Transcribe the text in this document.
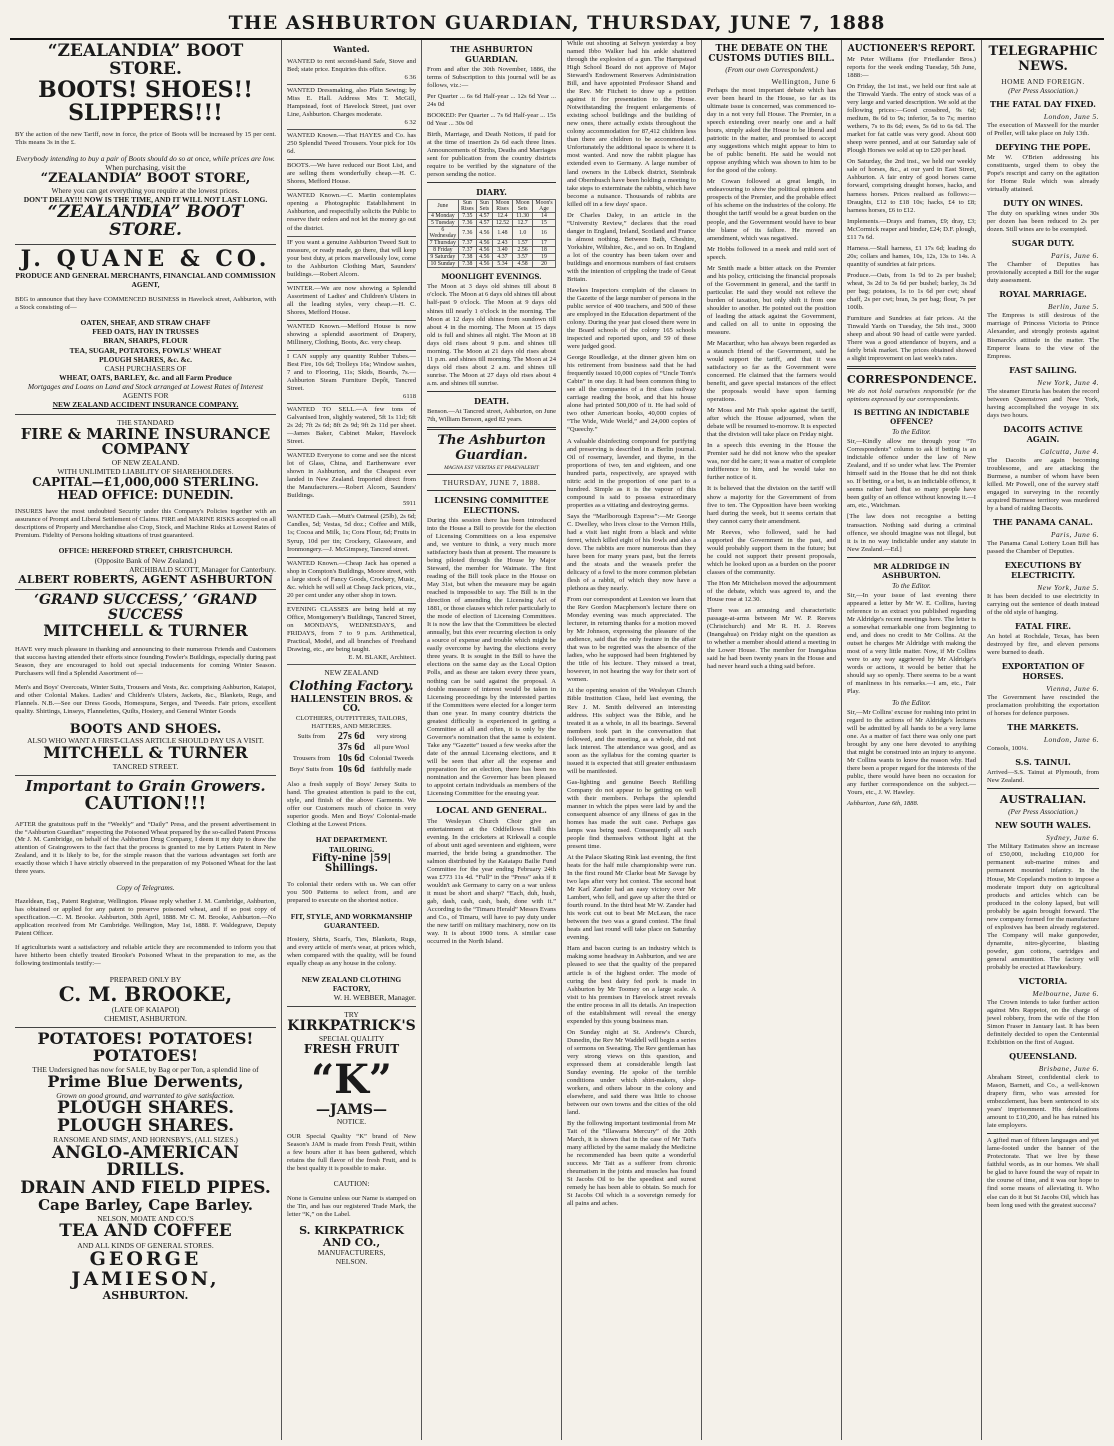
THE ASHBURTON GUARDIAN, THURSDAY, JUNE 7, 1888
“ZEALANDIA” BOOT STORE.
BOOTS! SHOES!! SLIPPERS!!!

BY the action of the new Tariff, now in force, the price of Boots will be increased by 15 per cent. This means 3s in the £.

Everybody intending to buy a pair of Boots should do so at once, while prices are low.
When purchasing, visit the
“ZEALANDIA” BOOT STORE,
Where you can get everything you require at the lowest prices.
DON'T DELAY!!! NOW IS THE TIME, AND IT WILL NOT LAST LONG.
“ZEALANDIA” BOOT STORE.
J. QUANE & CO.
PRODUCE AND GENERAL MERCHANTS, FINANCIAL AND COMMISSION AGENT,

BEG to announce that they have COMMENCED BUSINESS in Havelock street, Ashburton, with a Stock consisting of—

OATEN, SHEAF, AND STRAW CHAFF
FEED OATS, HAY IN TRUSSES
BRAN, SHARPS, FLOUR
TEA, SUGAR, POTATOES, FOWLS' WHEAT
PLOUGH SHARES, &c. &c.
CASH PURCHASERS OF
WHEAT, OATS, BARLEY, &c. and all Farm Produce
Mortgages and Loans on Land and Stock arranged at Lowest Rates of Interest
AGENTS FOR
NEW ZEALAND ACCIDENT INSURANCE COMPANY.
THE STANDARD
FIRE & MARINE INSURANCE COMPANY
OF NEW ZEALAND.
WITH UNLIMITED LIABILITY OF SHAREHOLDERS.
CAPITAL—£1,000,000 STERLING.
HEAD OFFICE: DUNEDIN.

INSURES have the most undoubted Security under this Company's Policies together with an assurance of Prompt and Liberal Settlement of Claims. FIRE and MARINE RISKS accepted on all descriptions of Property and Merchandise also Crop, Stock, and Machine Risks at Lowest Rates of Premium. Fidelity of Persons holding situations of trust guaranteed.

OFFICE: HEREFORD STREET, CHRISTCHURCH.
(Opposite Bank of New Zealand.)
ARCHIBALD SCOTT, Manager for Canterbury.
ALBERT ROBERTS, AGENT ASHBURTON
‘GRAND SUCCESS,’ ‘GRAND SUCCESS
MITCHELL & TURNER

HAVE very much pleasure in thanking and announcing to their numerous Friends and Customers that success having attended their efforts since founding Fowler's Buildings, especially during past Season, they are encouraged to hold out special inducements for coming Winter Season. Purchasers will find a Splendid Assortment of—

Men's and Boys' Overcoats, Winter Suits, Trousers and Vests, &c. comprising Ashburton, Kaiapoi, and other Colonial Makes. Ladies' and Children's Ulsters, Jackets, &c., Blankets, Rugs, and Flannels. N.B.—See our Dress Goods, Homespuns, Serges, and Tweeds. Fair prices, excellent quality. Shirtings, Linseys, Flannelettes, Quilts, Hosiery, and General Winter Goods

BOOTS AND SHOES.
ALSO WHO WANT A FIRST-CLASS ARTICLE SHOULD PAY US A VISIT.
MITCHELL & TURNER
TANCRED STREET.
Important to Grain Growers.
CAUTION!!!

AFTER the gratuitous puff in the “Weekly” and “Daily” Press, and the present advertisement in the “Ashburton Guardian” respecting the Poisoned Wheat prepared by the so-called Patent Process (Mr J. M. Cambridge, on behalf of the Ashburton Drug Company, I deem it my duty to draw the attention of Graingrowers to the fact that the process is granted to me by Letters Patent in New Zealand, and it is likely to be, for the simple reason that the various advantages set forth are exactly those which I have strictly observed in the preparation of my Poisoned Wheat for the last three years.

Copy of Telegrams.

Hazeldean, Esq., Patent Registrar, Wellington. Please reply whether J. M. Cambridge, Ashburton, has obtained or applied for any patent to preserve poisoned wheat, and if so post copy of specification.—C. M. Brooke. Ashburton, 30th April, 1888. Mr C. M. Brooke, Ashburton.—No application received from Mr Cambridge. Wellington, May 1st, 1888. F. Waldegrave, Deputy Patent Officer.

If agriculturists want a satisfactory and reliable article they are recommended to inform you that have hitherto been chiefly treated Brooke's Poisoned Wheat in the preparation to me, as the following testimonials testify:—

PREPARED ONLY BY
C. M. BROOKE,
(LATE OF KAIAPOI)
CHEMIST, ASHBURTON.
POTATOES! POTATOES! POTATOES!
THE Undersigned has now for SALE, by Bag or per Ton, a splendid line of
Prime Blue Derwents,
Grown on good ground, and warranted to give satisfaction.
PLOUGH SHARES. PLOUGH SHARES.
RANSOME AND SIMS', AND HORNSBY'S, (ALL SIZES.)
ANGLO-AMERICAN DRILLS.
DRAIN AND FIELD PIPES.
Cape Barley, Cape Barley.
NELSON, MOATE AND CO.'S
TEA AND COFFEE
AND ALL KINDS OF GENERAL STORES.
GEORGE JAMIESON,
ASHBURTON.
Wanted.

WANTED to rent second-hand Safe, Stove and Bed; state price. Enquiries this office.

6 36

WANTED Dressmaking, also Plain Sewing; by Miss E. Hall. Address Mrs T. McGill, Hampstead, foot of Havelock Street, just over Line, Ashburton. Charges moderate.

6 32

WANTED Known.—That HAYES and Co. has 250 Splendid Tweed Trousers. Your pick for 10s 6d.

BOOTS.—We have reduced our Boot List, and are selling them wonderfully cheap.—H. C. Shores, Mefford House.

WANTED Known.—C. Martin contemplates opening a Photographic Establishment in Ashburton, and respectfully solicits the Public to reserve their orders and not let the money go out of the district.

IF you want a genuine Ashburton Tweed Suit to measure, or ready made, go there, that will keep your best duty, at prices marvellously low, come to the Ashburton Clothing Mart, Saunders' buildings.—Robert Alcorn.

WINTER.—We are now showing a Splendid Assortment of Ladies' and Children's Ulsters in all the leading styles, very cheap.—H. C. Shores, Mefford House.

WANTED Known.—Mefford House is now showing a splendid assortment of Drapery, Millinery, Clothing, Boots, &c. very cheap.

I CAN supply any quantity Rubber Tubes.—Best Fire, 10s 6d; Trolleys 16s; Window sashes, 7 and to Flooring, 11s; Skids, Boards, 7s.—Ashburton Steam Furniture Depôt, Tancred Street.

6118

WANTED TO SELL.—A few tons of Galvanised Iron, slightly watered, 5ft 1s 11d; 6ft 2s 2d; 7ft 2s 6d; 8ft 2s 9d; 9ft 2s 11d per sheet.—James Baker, Cabinet Maker, Havelock Street.

WANTED Everyone to come and see the nicest lot of Glass, China, and Earthenware ever shown in Ashburton, and the Cheapest ever landed in New Zealand. Imported direct from the Manufacturers.—Robert Alcorn, Saunders' Buildings.

5911

WANTED Cash.—Mutt's Oatmeal (25lb), 2s 6d; Candles, 5d; Vestas, 5d doz.; Coffee and Milk, 1s; Cocoa and Milk, 1s; Cora Flour, 6d; Fruits in Syrup, 10d per tin; Crockery, Glassware, and Ironmongery.—J. McGimpsey, Tancred street.

WANTED Known.—Cheap Jack has opened a shop in Compton's Buildings, Moore street, with a large stock of Fancy Goods, Crockery, Music, &c. which he will sell at Cheap Jack prices, viz., 20 per cent under any other shop in town.

EVENING CLASSES are being held at my Office, Montgomery's Buildings, Tancred Street, on MONDAYS, WEDNESDAYS, and FRIDAYS, from 7 to 9 p.m. Arithmetical, Practical, Model, and all branches of Freehand Drawing, etc., are being taught.

E. M. BLAKE, Architect.
NEW ZEALAND
Clothing Factory.
HALLENSTEIN BROS. & CO.
CLOTHIERS, OUTFITTERS, TAILORS, HATTERS, AND MERCERS.
Suits from	27s 6d	very strong
	37s 6d	all pure Wool
Trousers from	10s 6d	Colonial Tweeds
Boys' Suits from	10s 6d	faithfully made

Also a fresh supply of Boys' Jersey Suits to hand. The greatest attention is paid to the cut, style, and finish of the above Garments. We offer our Customers much of choice in very superior goods. Men and Boys' Colonial-made Clothing at the Lowest Prices.

HAT DEPARTMENT.
TAILORING.
Fifty-nine |59| Shillings.

To colonial their orders with us. We can offer you 500 Patterns to select from, and are prepared to execute on the shortest notice.

FIT, STYLE, AND WORKMANSHIP GUARANTEED.

Hosiery, Shirts, Scarfs, Ties, Blankets, Rugs, and every article of men's wear, at prices which, when compared with the quality, will be found equally cheap as any house in the colony.

NEW ZEALAND CLOTHING FACTORY,
W. H. WEBBER, Manager.
TRY
KIRKPATRICK'S
SPECIAL QUALITY
FRESH FRUIT
“K”
—JAMS—
NOTICE.

OUR Special Quality “K” brand of New Season's JAM is made from Fresh Fruit, within a few hours after it has been gathered, which retains the full flavor of the fresh Fruit, and is the best quality it is possible to make.

CAUTION:

None is Genuine unless our Name is stamped on the Tin, and has our registered Trade Mark, the letter “K,” on the Label.

S. KIRKPATRICK AND CO.,
MANUFACTURERS,
NELSON.
THE ASHBURTON GUARDIAN.

From and after the 30th November, 1886, the terms of Subscription to this journal will be as follows, viz.:—

Per Quarter ... 6s 6d Half-year ... 12s 6d Year ... 24s 0d

BOOKED: Per Quarter ... 7s 6d Half-year ... 15s 0d Year ... 30s 0d

Birth, Marriage, and Death Notices, if paid for at the time of insertion 2s 6d each three lines. Announcements of Births, Deaths and Marriages sent for publication from the country districts require to be verified by the signature of the person sending the notice.

DIARY.
June	Sun Rises	Sun Sets	Moon Rises	Moon Sets	Moon's Age
4 Monday	7.35	4.57	12.4	11.30	14
5 Tuesday	7.36	4.57	12.52	12.7	15
6 Wednesday	7.36	4.56	1.48	1.0	16
7 Thursday	7.37	4.56	2.43	1.57	17
8 Friday	7.37	4.56	3.40	2.56	18
9 Saturday	7.38	4.56	4.37	3.57	19
10 Sunday	7.38	4.56	5.34	4.58	20
MOONLIGHT EVENINGS.

The Moon at 3 days old shines till about 8 o'clock. The Moon at 6 days old shines till about half-past 9 o'clock. The Moon at 9 days old shines till nearly 1 o'clock in the morning. The Moon at 12 days old shines from sundown till about 4 in the morning. The Moon at 15 days old is full and shines all night. The Moon at 18 days old rises about 9 p.m. and shines till morning. The Moon at 21 days old rises about 11 p.m. and shines till morning. The Moon at 24 days old rises about 2 a.m. and shines till sunrise. The Moon at 27 days old rises about 4 a.m. and shines till sunrise.

DEATH.

Benson.—At Tancred street, Ashburton, on June 7th, William Benson, aged 82 years.

The Ashburton Guardian.
MAGNA EST VERITAS ET PRAEVALEBIT
THURSDAY, JUNE 7, 1888.
LICENSING COMMITTEE ELECTIONS.

During this session there has been introduced into the House a Bill to provide for the election of Licensing Committees on a less expensive and, we venture to think, a very much more satisfactory basis than at present. The measure is being piloted through the House by Major Steward, the member for Waimate. The first reading of the Bill took place in the House on May 31st, but when the measure may be again reached is impossible to say. The Bill is in the direction of amending the Licensing Act of 1881, or those clauses which refer particularly to the mode of election of Licensing Committees. It is now the law that the Committees be elected annually, but this ever recurring election is only a source of expense and trouble which might be easily overcome by having the elections every three years. It is sought in the Bill to have the elections on the same day as the Local Option Polls, and as these are taken every three years, nothing can be said against the proposal. A double measure of interest would be taken in Licensing proceedings by the interested parties if the Committees were elected for a longer term than one year. In many country districts the greatest difficulty is experienced in getting a Committee at all and often, it is only by the Governor's nomination that the same is existent. Take any “Gazette” issued a few weeks after the date of the annual Licensing elections, and it will be seen that after all the expense and preparation for an election, there has been no nomination and the Governor has been pleased to appoint certain individuals as members of the Licensing Committee for the ensuing year.

LOCAL AND GENERAL.

The Wesleyan Church Choir give an entertainment at the Oddfellows Hall this evening. In the cricketers at Kirkwall a couple of about unit aged seventeen and eighteen, were married, the bride being a grandmother. The salmon distributed by the Kaiatapu Bailie Fund Committee for the year ending February 24th was £773 11s 4d. “Full” in the “Press” asks if it wouldn't ask Germany to carry on a war unless it must be short and sharp? “Each, duh, hush, gab, dash, cash, cash, bash, done with it.” According to the “Timaru Herald” Messrs Evans and Co., of Timaru, will have to pay duty under the new tariff on military machinery, now on its way. It is about 1900 tons. A similar case occurred in the North Island.

While out shooting at Selwyn yesterday a boy named Ibbo Walker had his ankle shattered through the explosion of a gun. The Hampstead High School Board do not approve of Major Steward's Endowment Reserves Administration Bill, and have appointed Professor Shand and the Rev. Mr Fitchett to draw up a petition against it for presentation to the House. Notwithstanding the frequent enlargements of existing school buildings and the building of new ones, there actually exists throughout the colony accommodation for 87,412 children less than there are children to be accommodated. Unfortunately the additional space is where it is most wanted. And now the rabbit plague has extended even to Germany. A large number of land owners in the Lübeck district, Steinbrak and Obernbusch have been holding a meeting to take steps to exterminate the rabbits, which have become a nuisance. Thousands of rabbits are killed off in a few days' space.

Dr Charles Daley, in an article in the “University Review,” declares that the road danger in England, Ireland, Scotland and France is almost nothing. Between Bath, Cheshire, Yorkshire, Wiltshire, &c., and so on. In England a lot of the country has been taken over and buildings and enormous numbers of fast cruisers with the intention of crippling the trade of Great Britain.

Hawkes Inspectors complain of the classes in the Gazette of the large number of persons in the public service of 400 teachers, and 500 of these are employed in the Education department of the colony. During the year just closed there were in the Board schools of the colony 165 schools inspected and reported upon, and 59 of these were judged good.

George Roudledge, at the dinner given him on his retirement from business said that he had frequently issued 10,000 copies of “Uncle Tom's Cabin” in one day. It had been common thing to see all the companies of a first class railway carriage reading the book, and that his house alone had printed 500,000 of it. He had sold of two other American books, 40,000 copies of “The Wide, Wide World,” and 24,000 copies of “Queechy.”

A valuable disinfecting compound for purifying and preserving is described in a Berlin journal. Oil of rosemary, lavender, and thyme, in the proportions of two, ten and eighteen, and one hundred parts, respectively, are sprayed with nitric acid in the proportion of one part to a hundred. Simple as it is the vapour of this compound is said to possess extraordinary properties as a vitiating and destroying germs.

Says the “Marlborough Express”:—Mr George C. Dwelley, who lives close to the Vernon Hills, had a visit last night from a black and white ferret, which killed eight of his fowls and also a dove. The rabbits are more numerous than they have been for many years past, but the ferrets and the stoats and the weasels prefer the delicacy of a fowl to the more common plebeian flesh of a rabbit, of which they now have a plethora as they nearly.

From our correspondent at Leeston we learn that the Rev Gordon Macpherson's lecture there on Monday evening was much appreciated. The lecturer, in returning thanks for a motion moved by Mr Johnson, expressing the pleasure of the audience, said that the only feature in the affair that was to be regretted was the absence of the ladies, who he supposed had been frightened by the title of his lecture. They missed a treat, however, in not hearing the way for their sort of women.

At the opening session of the Wesleyan Church Bible Institution Class, held last evening, the Rev J. M. Smith delivered an interesting address. His subject was the Bible, and he treated it as a whole, in all its bearings. Several members took part in the conversation that followed, and the meeting, as a whole, did not lack interest. The attendance was good, and as soon as the syllabus for the coming quarter is issued it is expected that still greater enthusiasm will be manifested.

Gas-lighting and genuine Beech Refilling Company do not appear to be getting on well with their members. Perhaps the splendid manner in which the pipes were laid by and the consequent absence of any illness of gas in the homes has made the suit case. Perhaps gas lamps was being used. Consequently all such people find themselves without light at the present time.

At the Palace Skating Rink last evening, the first heats for the half mile championship were run. In the first round Mr Clarke beat Mr Savage by two laps after very hot contest. The second heat Mr Karl Zander had an easy victory over Mr Lambert, who fell, and gave up after the third or fourth round. In the third heat Mr W. Zander had his work cut out to beat Mr McLean, the race between the two was a grand contest. The final heats and last round will take place on Saturday evening.

Ham and bacon curing is an industry which is making some headway in Ashburton, and we are pleased to see that the quality of the prepared article is of the highest order. The mode of curing the best dairy fed pork is made in Ashburton by Mr Toomey on a large scale. A visit to his premises in Havelock street reveals the entire process in all its details. An inspection of the establishment will reveal the energy expended by this young business man.

On Sunday night at St. Andrew's Church, Dunedin, the Rev Mr Waddell will begin a series of sermons on Sweating. The Rev gentleman has very strong views on this question, and expressed them at considerable length last Sunday evening. He spoke of the terrible conditions under which shirt-makers, slop-workers, and others labour in the colony and elsewhere, and said there was little to choose between our own towns and the cities of the old land.

By the following important testimonial from Mr Tait of the “Illawarra Mercury” of the 20th March, it is shown that in the case of Mr Tait's many afflicted by the same malady the Medicine he recommended has been quite a wonderful success. Mr Tait as a sufferer from chronic rheumatism in the joints and muscles has found St Jacobs Oil to be the speediest and surest remedy he has been able to obtain. So much for St Jacobs Oil which is a sovereign remedy for all pains and aches.

THE DEBATE ON THE CUSTOMS DUTIES BILL.
(From our own Correspondent.)
Wellington, June 6

Perhaps the most important debate which has ever been heard in the House, so far as its ultimate issue is concerned, was commenced to-day in a not very full House. The Premier, in a speech extending over nearly one and a half hours, simply asked the House to be liberal and patriotic in the matter, and promised to accept any suggestions which might appear to him to be of public benefit. He said he would not oppose anything which was shown to him to be for the good of the colony.

Mr Cowan followed at great length, in endeavouring to show the political opinions and prospects of the Premier, and the probable effect of his scheme on the industries of the colony. He thought the tariff would be a great burden on the people, and the Government would have to bear the blame of its failure. He moved an amendment, which was negatived.

Mr Hobbs followed in a meek and mild sort of speech.

Mr Smith made a bitter attack on the Premier and his policy, criticising the financial proposals of the Government in general, and the tariff in particular. He said they would not relieve the burden of taxation, but only shift it from one shoulder to another. He pointed out the position of leading the attack against the Government, and called on all to unite in opposing the measure.

Mr Macarthur, who has always been regarded as a staunch friend of the Government, said he would support the tariff, and that it was satisfactory so far as the Government were concerned. He claimed that the farmers would benefit, and gave special instances of the effect the proposals would have upon farming operations.

Mr Moss and Mr Fish spoke against the tariff, after which the House adjourned, when the debate will be resumed to-morrow. It is expected that the division will take place on Friday night.

In a speech this evening in the House the Premier said he did not know who the speaker was, nor did he care; it was a matter of complete indifference to him, and he would take no further notice of it.

It is believed that the division on the tariff will show a majority for the Government of from five to ten. The Opposition have been working hard during the week, but it seems certain that they cannot carry their amendment.

Mr Reeves, who followed, said he had supported the Government in the past, and would probably support them in the future; but he could not support their present proposals, which he looked upon as a burden on the poorer classes of the community.

The Hon Mr Mitchelson moved the adjournment of the debate, which was agreed to, and the House rose at 12.30.

There was an amusing and characteristic passage-at-arms between Mr W. P. Reeves (Christchurch) and Mr R. H. J. Reeves (Inangahua) on Friday night on the question as to whether a member should attend a meeting in the Lower House. The member for Inangahua said he had been twenty years in the House and had never heard such a thing said before.

AUCTIONEER'S REPORT.

Mr Peter Williams (for Friedlander Bros.) reports for the week ending Tuesday, 5th June, 1888:—

On Friday, the 1st inst., we held our first sale at the Tinwald Yards. The entry of stock was of a very large and varied description. We sold at the following prices:—Good crossbred, 9s 6d; medium, 8s 6d to 9s; inferior, 5s to 7s; merino wethers, 7s to 8s 6d; ewes, 5s 6d to 6s 6d. The market for fat cattle was very good. About 600 sheep were penned, and at our Saturday sale of Plough Horses we sold at up to £20 per head.

On Saturday, the 2nd inst., we held our weekly sale of horses, &c., at our yard in East Street, Ashburton. A fair entry of good horses came forward, comprising draught horses, hacks, and harness horses. Prices realised as follows:—Draughts, £12 to £18 10s; hacks, £4 to £8; harness horses, £6 to £12.

Implements.—Drays and frames, £9; dray, £3; McCormick reaper and binder, £24; D.F. plough, £11 7s 6d.

Harness.—Stall harness, £1 17s 6d; leading do 20s; collars and hames, 10s, 12s, 13s to 14s. A quantity of sundries at fair prices.

Produce.—Oats, from 1s 9d to 2s per bushel; wheat, 3s 2d to 3s 6d per bushel; barley, 3s 3d per bag; potatoes, 1s to 1s 6d per cwt; sheaf chaff, 2s per cwt; bran, 3s per bag; flour, 7s per 100lb.

Furniture and Sundries at fair prices. At the Tinwald Yards on Tuesday, the 5th inst., 3000 sheep and about 90 head of cattle were yarded. There was a good attendance of buyers, and a fairly brisk market. The prices obtained showed a slight improvement on last week's rates.

CORRESPONDENCE.

We do not hold ourselves responsible for the opinions expressed by our correspondents.

IS BETTING AN INDICTABLE OFFENCE?
To the Editor.

Sir,—Kindly allow me through your “To Correspondents” column to ask if betting is an indictable offence under the law of New Zealand, and if so under what law. The Premier himself said in the House that he did not think so. If betting, or a bet, is an indictable offence, it seems rather hard that so many people have been guilty of an offence without knowing it.—I am, etc., Watchman.

[The law does not recognise a betting transaction. Nothing said during a criminal offence, we should imagine was not illegal, but it is in no way indictable under any statute in New Zealand.—Ed.]

MR ALDRIDGE IN ASHBURTON.
To the Editor.

Sir,—In your issue of last evening there appeared a letter by Mr W. E. Collins, having reference to an extract you published regarding Mr Aldridge's recent meetings here. The letter is a somewhat remarkable one from beginning to end, and does no credit to Mr Collins. At the outset he charges Mr Aldridge with making the most of a very little matter. Now, if Mr Collins were to any way aggrieved by Mr Aldridge's words or actions, it would be better that he should say so openly. There seems to be a want of manliness in his remarks.—I am, etc., Fair Play.

To the Editor.

Sir,—Mr Collins' excuse for rushing into print in regard to the actions of Mr Aldridge's lectures will be admitted by all hands to be a very lame one. As a matter of fact there was only one part brought by any one here devoted to anything that might be construed into an injury to anyone. Mr Collins wants to know the reason why. Had there been a proper regard for the interests of the public, there would have been no occasion for any further correspondence on the subject.—Yours, etc., J. W. Hawley.

Ashburton, June 6th, 1888.

TELEGRAPHIC NEWS.
HOME AND FOREIGN.
(Per Press Association.)
THE FATAL DAY FIXED.
London, June 5.

The execution of Maxwell for the murder of Preller, will take place on July 13th.

DEFYING THE POPE.

Mr W. O'Brien addressing his constituents, urged them to obey the Pope's rescript and carry on the agitation for Home Rule which was already virtually attained.

DUTY ON WINES.

The duty on sparkling wines under 30s per dozen has been reduced to 2s per dozen. Still wines are to be exempted.

SUGAR DUTY.
Paris, June 6.

The Chamber of Deputies has provisionally accepted a Bill for the sugar duty assessment.

ROYAL MARRIAGE.
Berlin, June 5.

The Empress is still desirous of the marriage of Princess Victoria to Prince Alexander, and strongly protests against Bismarck's attitude in the matter. The Emperor leans to the view of the Empress.

FAST SAILING.
New York, June 4.

The steamer Etruria has beaten the record between Queenstown and New York, having accomplished the voyage in six days two hours.

DACOITS ACTIVE AGAIN.
Calcutta, June 4.

The Dacoits are again becoming troublesome, and are attacking the Burmese, a number of whom have been killed. Mr Powell, one of the survey staff engaged in surveying in the recently acquired Burmese territory was murdered by a band of raiding Dacoits.

THE PANAMA CANAL.
Paris, June 6.

The Panama Canal Lottery Loan Bill has passed the Chamber of Deputies.

EXECUTIONS BY ELECTRICITY.
New York, June 5.

It has been decided to use electricity in carrying out the sentence of death instead of the old style of hanging.

FATAL FIRE.

An hotel at Rochdale, Texas, has been destroyed by fire, and eleven persons were burned to death.

EXPORTATION OF HORSES.
Vienna, June 6.

The Government have rescinded the proclamation prohibiting the exportation of horses for defence purposes.

THE MARKETS.
London, June 6.

Consols, 100¼.

S.S. TAINUI.

Arrived—S.S. Tainui at Plymouth, from New Zealand.

AUSTRALIAN.
(Per Press Association.)
NEW SOUTH WALES.
Sydney, June 6.

The Military Estimates show an increase of £50,000, including £10,000 for permanent sub-marine mines and permanent mounted infantry. In the House, Mr Copeland's motion to impose a moderate import duty on agricultural products and articles which can be produced in the colony lapsed, but will probably be again brought forward. The new company formed for the manufacture of explosives has been already registered. The Company will make gunpowder, dynamite, nitro-glycerine, blasting powder, gun cottons, cartridges and general ammunition. The factory will probably be erected at Hawkesbury.

VICTORIA.
Melbourne, June 6.

The Crown intends to take further action against Mrs Rappetot, on the charge of jewel robbery, from the wife of the Hon Simon Fraser in January last. It has been definitely decided to open the Centennial Exhibition on the first of August.

QUEENSLAND.
Brisbane, June 6.

Abraham Street, confidential clerk to Mason, Barnett, and Co., a well-known drapery firm, who was arrested for embezzlement, has been sentenced to six years' imprisonment. His defalcations amount to £10,200, and he has ruined his late employers.

A gifted man of fifteen languages and yet lame-footed under the banner of the Protectorate. That we live by these faithful words, as in our homes. We shall be glad to have found the way of repair in the course of time, and it was our hope to find some means of alleviating it. Who else can do it but St Jacobs Oil, which has been long used with the greatest success?
